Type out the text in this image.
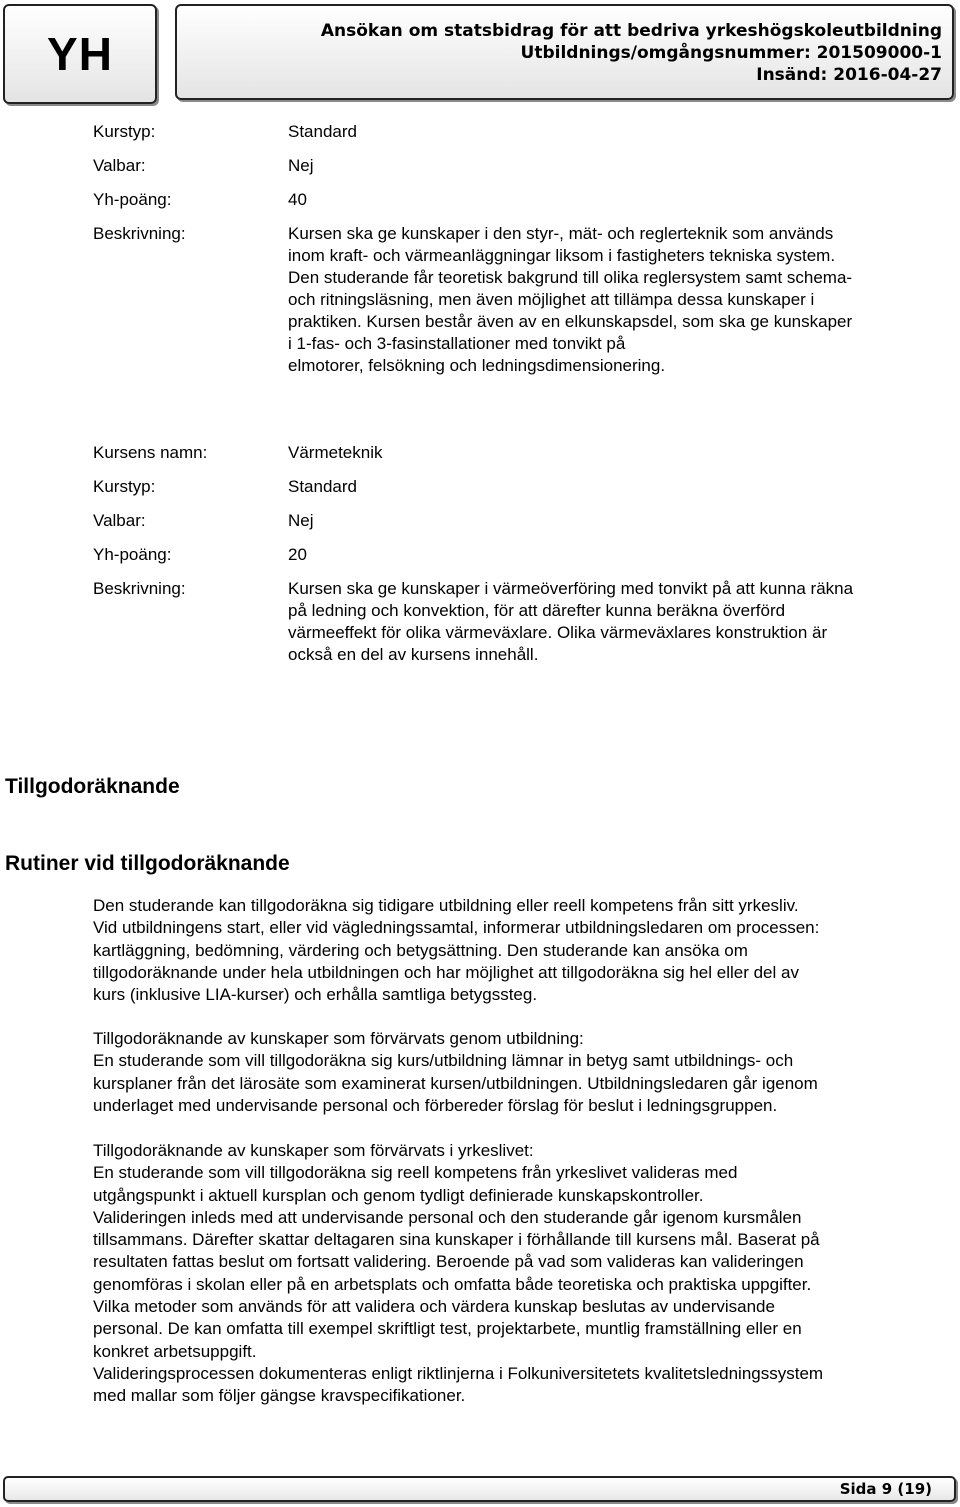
YH	Ansökan om statsbidrag för att bedriva yrkeshögskoleutbildning
Utbildnings/omgångsnummer: 201509000-1
Insänd: 2016-04-27
Kurstyp:	Standard
Valbar:	Nej
Yh-poäng:	40
Beskrivning:	Kursen ska ge kunskaper i den styr-, mät- och reglerteknik som används
inom kraft- och värmeanläggningar liksom i fastigheters tekniska system.
Den studerande får teoretisk bakgrund till olika reglersystem samt schema-
och ritningsläsning, men även möjlighet att tillämpa dessa kunskaper i
praktiken. Kursen består även av en elkunskapsdel, som ska ge kunskaper
i 1-fas- och 3-fasinstallationer med tonvikt på
elmotorer, felsökning och ledningsdimensionering.
Kursens namn:	Värmeteknik
Kurstyp:	Standard
Valbar:	Nej
Yh-poäng:	20
Beskrivning:	Kursen ska ge kunskaper i värmeöverföring med tonvikt på att kunna räkna
på ledning och konvektion, för att därefter kunna beräkna överförd
värmeeffekt för olika värmeväxlare. Olika värmeväxlares konstruktion är
också en del av kursens innehåll.
Tillgodoräknande
Rutiner vid tillgodoräknande
Den studerande kan tillgodoräkna sig tidigare utbildning eller reell kompetens från sitt yrkesliv.
Vid utbildningens start, eller vid vägledningssamtal, informerar utbildningsledaren om processen:
kartläggning, bedömning, värdering och betygsättning. Den studerande kan ansöka om
tillgodoräknande under hela utbildningen och har möjlighet att tillgodoräkna sig hel eller del av
kurs (inklusive LIA-kurser) och erhålla samtliga betygssteg.
Tillgodoräknande av kunskaper som förvärvats genom utbildning:
En studerande som vill tillgodoräkna sig kurs/utbildning lämnar in betyg samt utbildnings- och
kursplaner från det lärosäte som examinerat kursen/utbildningen. Utbildningsledaren går igenom
underlaget med undervisande personal och förbereder förslag för beslut i ledningsgruppen.
Tillgodoräknande av kunskaper som förvärvats i yrkeslivet:
En studerande som vill tillgodoräkna sig reell kompetens från yrkeslivet valideras med
utgångspunkt i aktuell kursplan och genom tydligt definierade kunskapskontroller.
Valideringen inleds med att undervisande personal och den studerande går igenom kursmålen
tillsammans. Därefter skattar deltagaren sina kunskaper i förhållande till kursens mål. Baserat på
resultaten fattas beslut om fortsatt validering. Beroende på vad som valideras kan valideringen
genomföras i skolan eller på en arbetsplats och omfatta både teoretiska och praktiska uppgifter.
Vilka metoder som används för att validera och värdera kunskap beslutas av undervisande
personal. De kan omfatta till exempel skriftligt test, projektarbete, muntlig framställning eller en
konkret arbetsuppgift.
Valideringsprocessen dokumenteras enligt riktlinjerna i Folkuniversitetets kvalitetsledningssystem
med mallar som följer gängse kravspecifikationer.
Sida 9 (19)
